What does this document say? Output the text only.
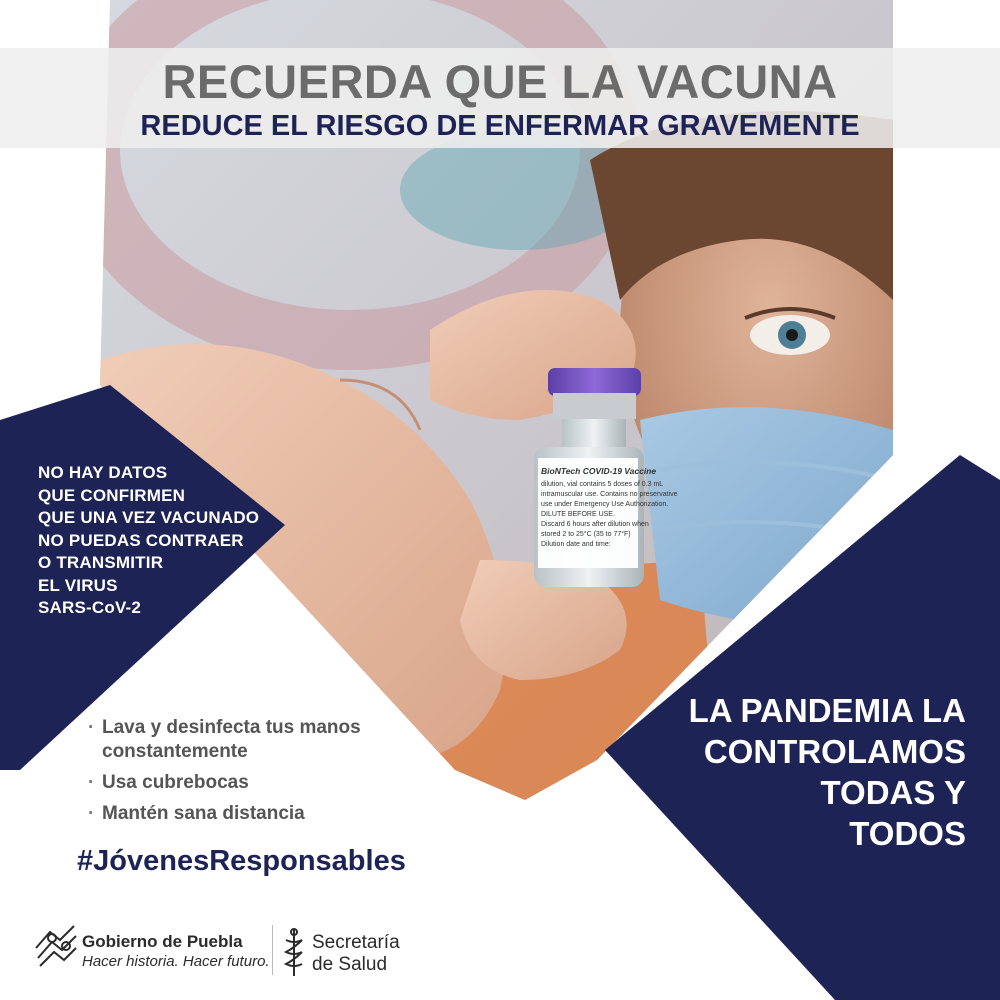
BioNTech COVID-19 Vaccine
dilution, vial contains 5 doses of 0.3 mL
intramuscular use. Contains no preservative
use under Emergency Use Authorization.
DILUTE BEFORE USE.
Discard 6 hours after dilution when
stored 2 to 25°C (35 to 77°F)
Dilution date and time:
RECUERDA QUE LA VACUNA
REDUCE EL RIESGO DE ENFERMAR GRAVEMENTE
NO HAY DATOS
QUE CONFIRMEN
QUE UNA VEZ VACUNADO
NO PUEDAS CONTRAER
O TRANSMITIR
EL VIRUS
SARS-CoV-2
LA PANDEMIA LA
CONTROLAMOS
TODAS Y
TODOS
· Lava y desinfecta tus manos constantemente
· Usa cubrebocas
· Mantén sana distancia
#JóvenesResponsables
Gobierno de Puebla
Hacer historia. Hacer futuro.
Secretaría
de Salud
